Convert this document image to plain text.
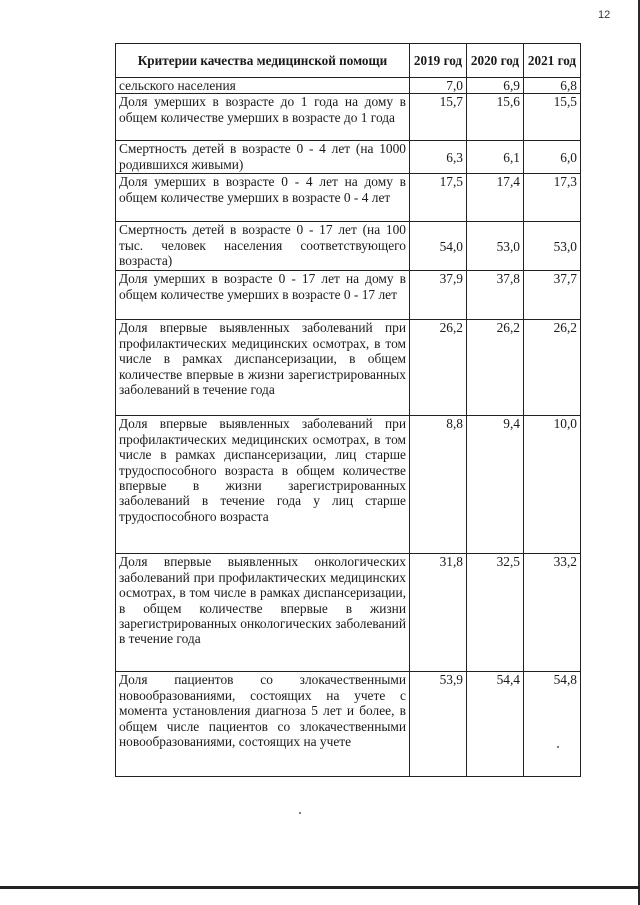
12
Критерии качества медицинской помощи	2019 год	2020 год	2021 год
сельского населения	7,0	6,9	6,8
Доля умерших в возрасте до 1 года на дому в общем количестве умерших в возрасте до 1 года	15,7	15,6	15,5
Смертность детей в возрасте 0 - 4 лет (на 1000 родившихся живыми)	6,3	6,1	6,0
Доля умерших в возрасте 0 - 4 лет на дому в общем количестве умерших в возрасте 0 - 4 лет	17,5	17,4	17,3
Смертность детей в возрасте 0 - 17 лет (на 100 тыс. человек населения соответствующего возраста)	54,0	53,0	53,0
Доля умерших в возрасте 0 - 17 лет на дому в общем количестве умерших в возрасте 0 - 17 лет	37,9	37,8	37,7
Доля впервые выявленных заболеваний при профилактических медицинских осмотрах, в том числе в рамках диспансеризации, в общем количестве впервые в жизни зарегистрированных заболеваний в течение года	26,2	26,2	26,2
Доля впервые выявленных заболеваний при профилактических медицинских осмотрах, в том числе в рамках диспансеризации, лиц старше трудоспособного возраста в общем количестве впервые в жизни зарегистрированных заболеваний в течение года у лиц старше трудоспособного возраста	8,8	9,4	10,0
Доля впервые выявленных онкологических заболеваний при профилактических медицинских осмотрах, в том числе в рамках диспансеризации, в общем количестве впервые в жизни зарегистрированных онкологических заболеваний в течение года	31,8	32,5	33,2
Доля пациентов со злокачественными новообразованиями, состоящих на учете с момента установления диагноза 5 лет и более, в общем числе пациентов со злокачественными новообразованиями, состоящих на учете	53,9	54,4	54,8
